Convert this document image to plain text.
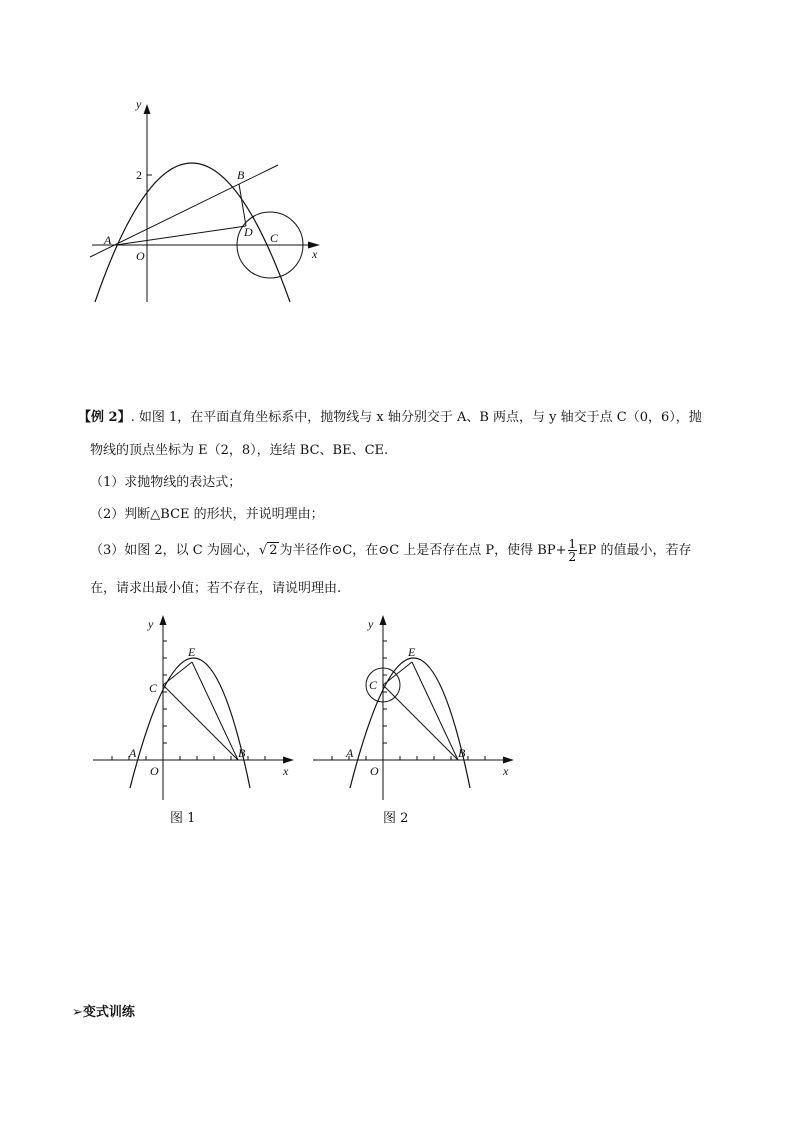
y
x
2
A
O
B
D C
【例 2】. 如图 1，在平面直角坐标系中，抛物线与 x 轴分别交于 A、B 两点，与 y 轴交于点 C（0，6），抛
物线的顶点坐标为 E（2，8），连结 BC、BE、CE.
（1）求抛物线的表达式；
（2）判断△BCE 的形状，并说明理由；
（3）如图 2，以 C 为圆心，√ 2 为半径作⊙C，在⊙C 上是否存在点 P，使得 $BP+ \frac{1}{2}$ EP 的值最小，若存
在，请求出最小值；若不存在，请说明理由.
y
x
E
C
A
O
B
图 1
y
x
E
C
A
O
B
图 2
➢变式训练
